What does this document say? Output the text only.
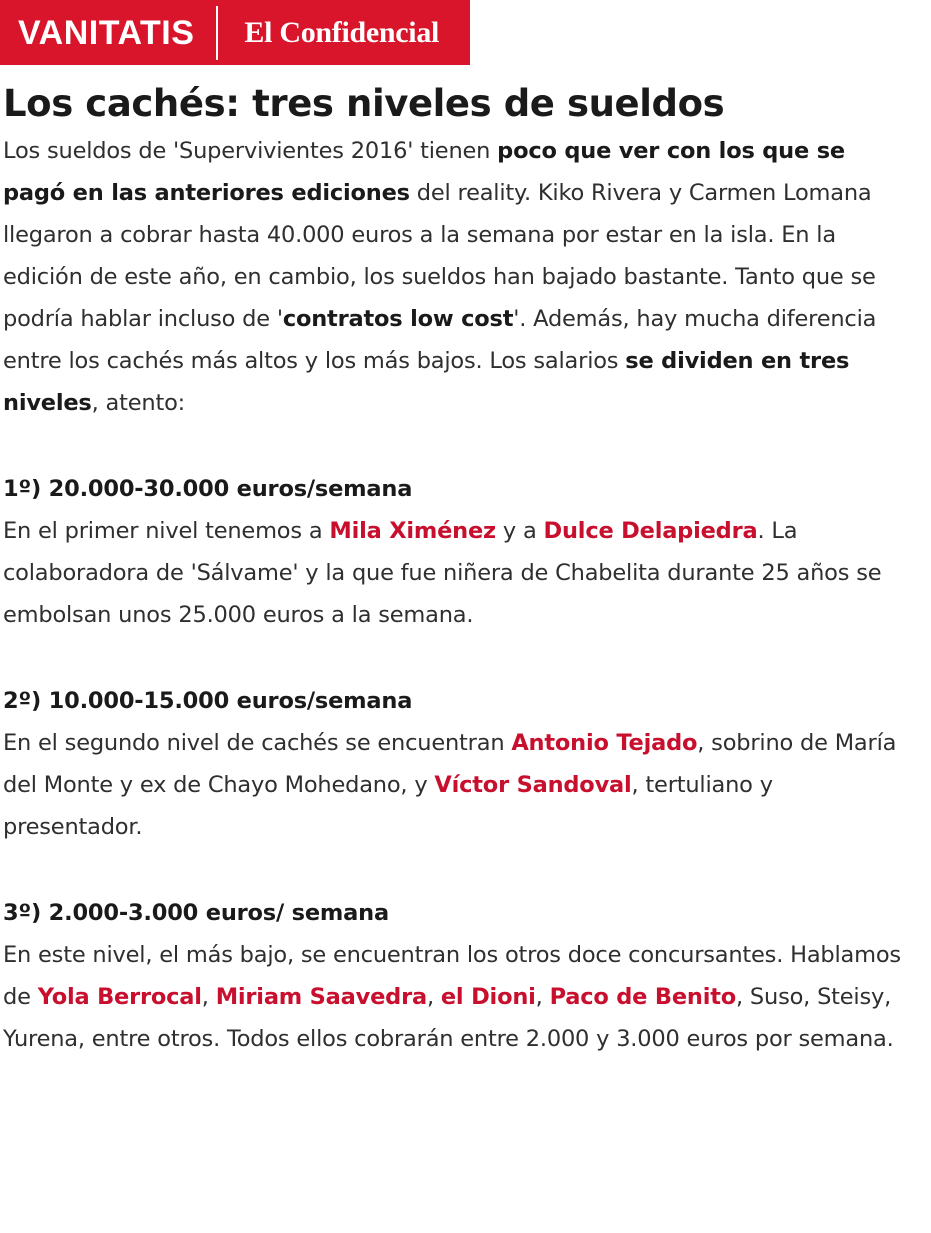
VANITATIS El Confidencial
Los cachés: tres niveles de sueldos

Los sueldos de 'Supervivientes 2016' tienen poco que ver con los que se pagó en las anteriores ediciones del reality. Kiko Rivera y Carmen Lomana llegaron a cobrar hasta 40.000 euros a la semana por estar en la isla. En la edición de este año, en cambio, los sueldos han bajado bastante. Tanto que se podría hablar incluso de 'contratos low cost'. Además, hay mucha diferencia entre los cachés más altos y los más bajos. Los salarios se dividen en tres niveles, atento:

1º) 20.000-30.000 euros/semana

En el primer nivel tenemos a Mila Ximénez y a Dulce Delapiedra. La colaboradora de 'Sálvame' y la que fue niñera de Chabelita durante 25 años se embolsan unos 25.000 euros a la semana.

2º) 10.000-15.000 euros/semana

En el segundo nivel de cachés se encuentran Antonio Tejado, sobrino de María del Monte y ex de Chayo Mohedano, y Víctor Sandoval, tertuliano y presentador.

3º) 2.000-3.000 euros/ semana

En este nivel, el más bajo, se encuentran los otros doce concursantes. Hablamos de Yola Berrocal, Miriam Saavedra, el Dioni, Paco de Benito, Suso, Steisy, Yurena, entre otros. Todos ellos cobrarán entre 2.000 y 3.000 euros por semana.
